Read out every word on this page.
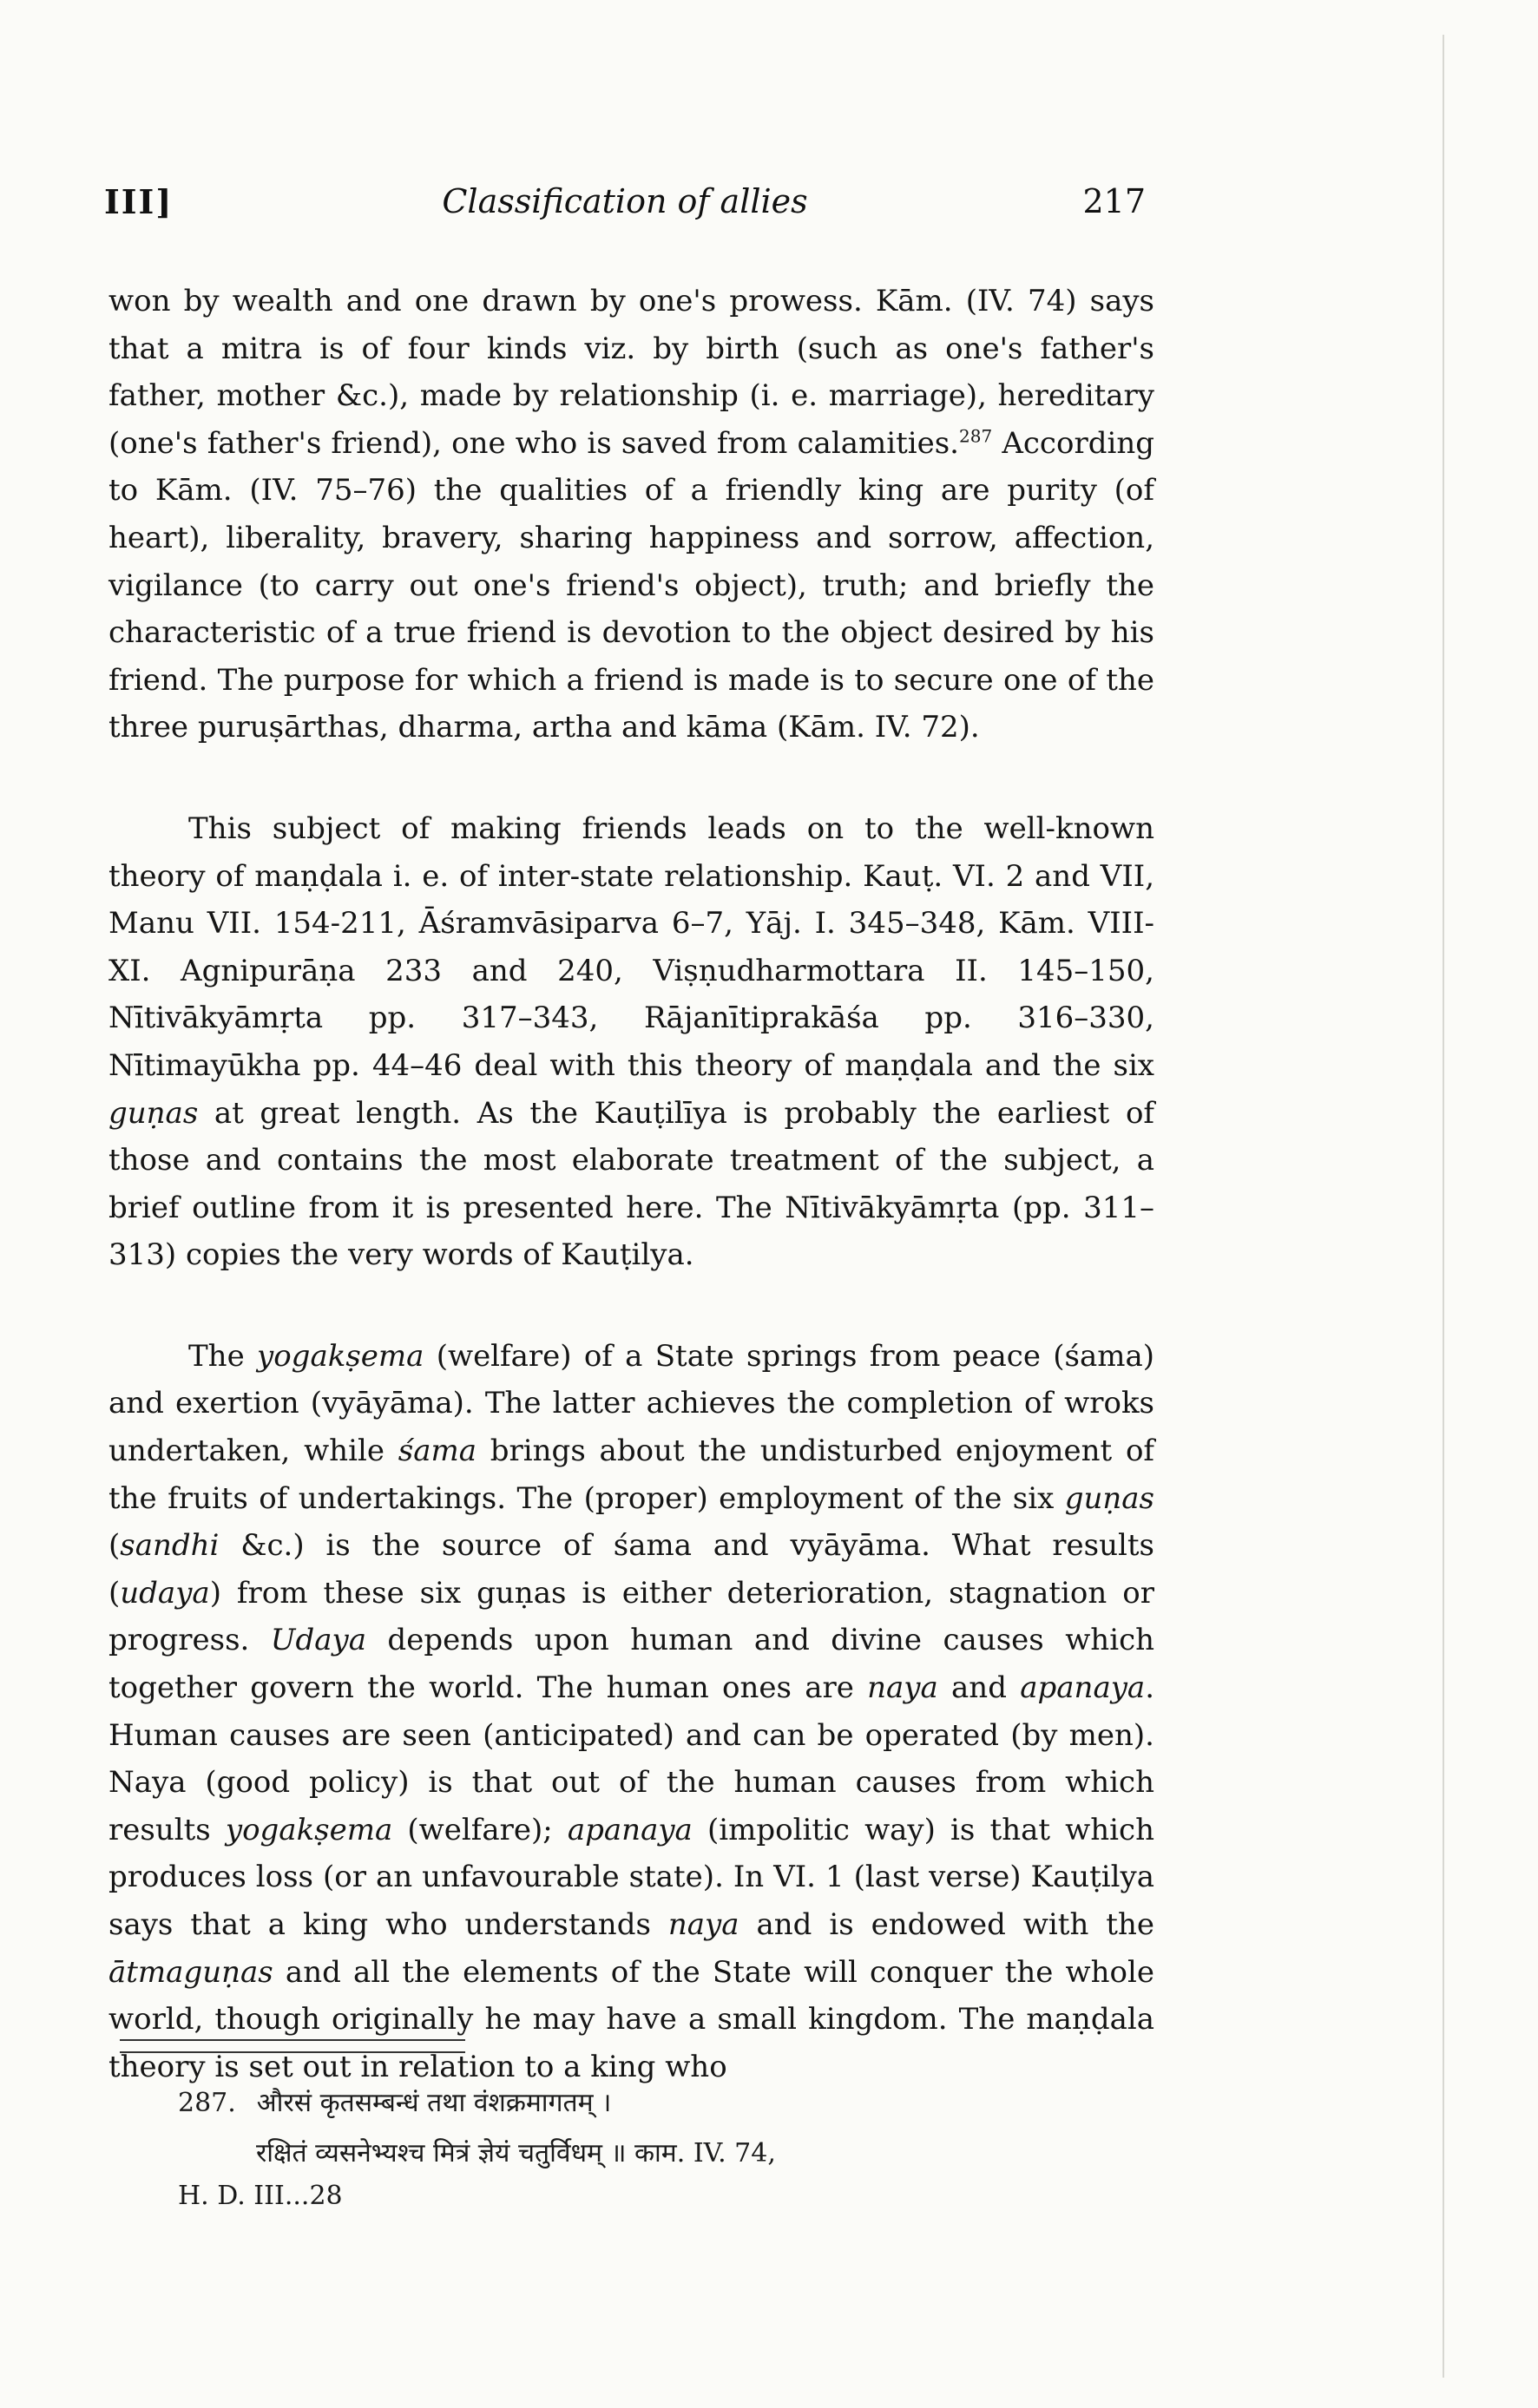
III]	Classification of allies	217

won by wealth and one drawn by one's prowess. Kām. (IV. 74) says that a mitra is of four kinds viz. by birth (such as one's father's father, mother &c.), made by relationship (i. e. marriage), hereditary (one's father's friend), one who is saved from calamities.$^{287}$ According to Kām. (IV. 75–76) the qualities of a friendly king are purity (of heart), liberality, bravery, sharing happiness and sorrow, affection, vigilance (to carry out one's friend's object), truth; and briefly the characteristic of a true friend is devotion to the object desired by his friend. The purpose for which a friend is made is to secure one of the three puruṣārthas, dharma, artha and kāma (Kām. IV. 72).

This subject of making friends leads on to the well-known theory of maṇḍala i. e. of inter-state relationship. Kauṭ. VI. 2 and VII, Manu VII. 154-211, Āśramvāsiparva 6–7, Yāj. I. 345–348, Kām. VIII-XI. Agnipurāṇa 233 and 240, Viṣṇudharmottara II. 145–150, Nītivākyāmṛta pp. 317–343, Rājanītiprakāśa pp. 316–330, Nītimayūkha pp. 44–46 deal with this theory of maṇḍala and the six guṇas at great length. As the Kauṭilīya is probably the earliest of those and contains the most elaborate treatment of the subject, a brief outline from it is presented here. The Nītivākyāmṛta (pp. 311–313) copies the very words of Kauṭilya.

The yogakṣema (welfare) of a State springs from peace (śama) and exertion (vyāyāma). The latter achieves the completion of wroks undertaken, while śama brings about the undisturbed enjoyment of the fruits of undertakings. The (proper) employment of the six guṇas (sandhi &c.) is the source of śama and vyāyāma. What results (udaya) from these six guṇas is either deterioration, stagnation or progress. Udaya depends upon human and divine causes which together govern the world. The human ones are naya and apanaya. Human causes are seen (anticipated) and can be operated (by men). Naya (good policy) is that out of the human causes from which results yogakṣema (welfare); apanaya (impolitic way) is that which produces loss (or an unfavourable state). In VI. 1 (last verse) Kauṭilya says that a king who understands naya and is endowed with the ātmaguṇas and all the elements of the State will conquer the whole world, though originally he may have a small kingdom. The maṇḍala theory is set out in relation to a king who

287. औरसं कृतसम्बन्धं तथा वंशक्रमागतम् ।
रक्षितं व्यसनेभ्यश्च मित्रं ज्ञेयं चतुर्विधम् ॥ काम. IV. 74,
H. D. III...28
